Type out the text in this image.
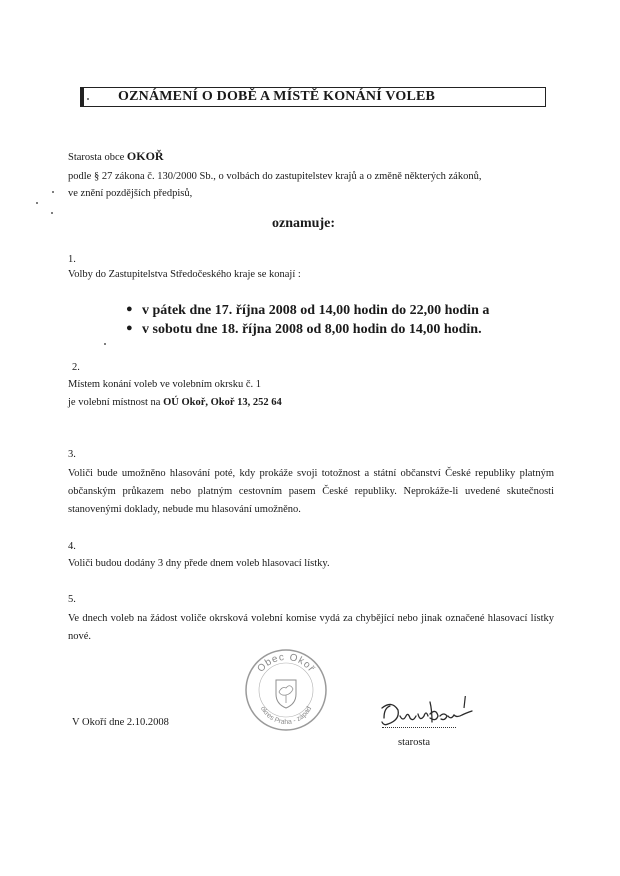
OZNÁMENÍ O DOBĚ A MÍSTĚ KONÁNÍ VOLEB
Starosta obce OKOŘ
podle § 27 zákona č. 130/2000 Sb., o volbách do zastupitelstev krajů a o změně některých zákonů,
ve znění pozdějších předpisů,
oznamuje:
1.
Volby do Zastupitelstva Středočeského kraje se konají :
● v pátek dne 17. října 2008 od 14,00 hodin do 22,00 hodin a
● v sobotu dne 18. října 2008 od 8,00 hodin do 14,00 hodin.
2.
Místem konání voleb ve volebním okrsku č. 1
je volební místnost na OÚ Okoř, Okoř 13, 252 64
3.
Voliči bude umožněno hlasování poté, kdy prokáže svoji totožnost a státní občanství České republiky platným občanským průkazem nebo platným cestovním pasem České republiky. Neprokáže-li uvedené skutečnosti stanovenými doklady, nebude mu hlasování umožněno.
4.
Voliči budou dodány 3 dny přede dnem voleb hlasovací lístky.
5.
Ve dnech voleb na žádost voliče okrsková volební komise vydá za chybějící nebo jinak označené hlasovací lístky nové.
Obec Okoř
okres Praha - západ
V Okoří dne 2.10.2008
starosta
